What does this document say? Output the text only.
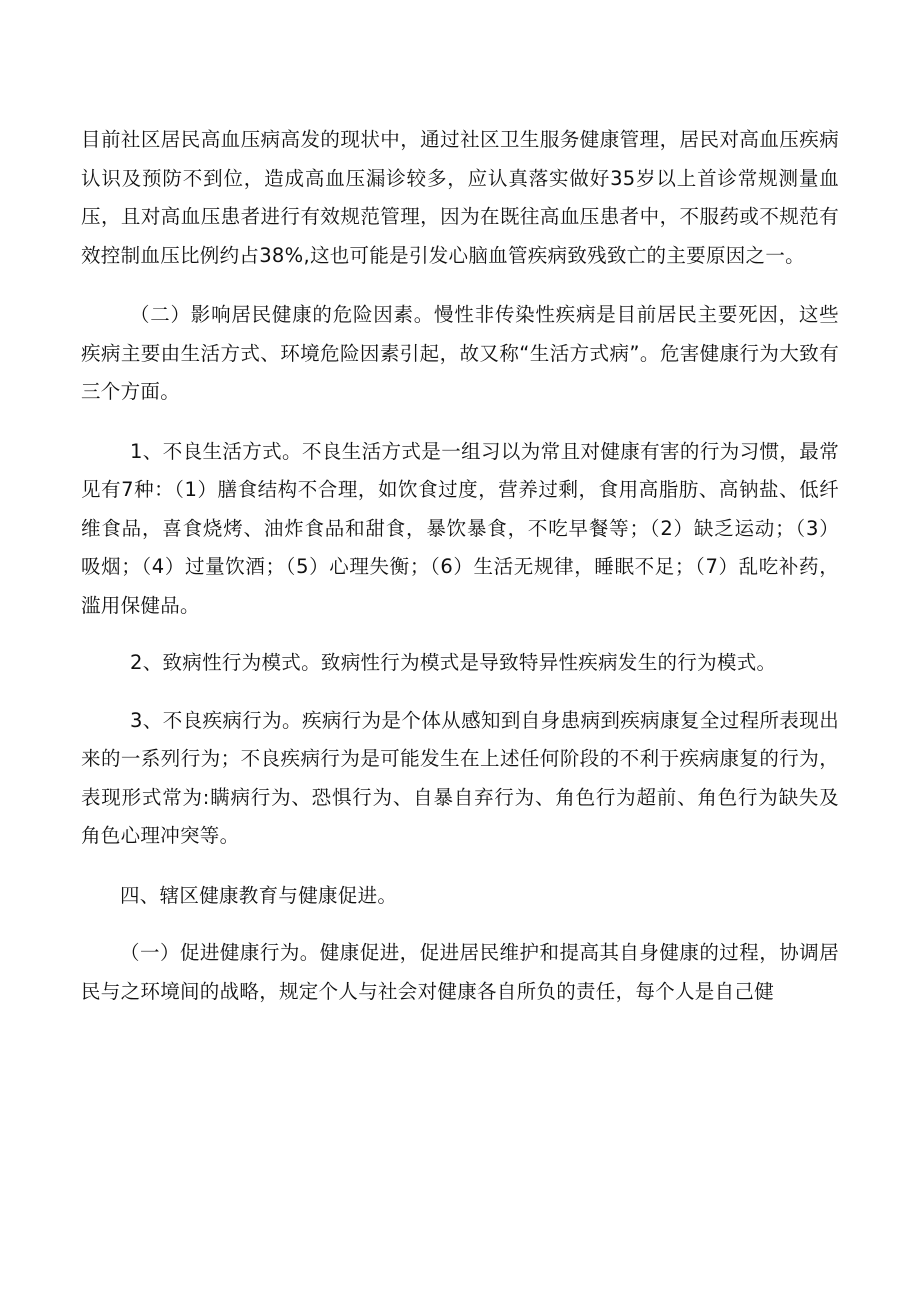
目前社区居民高血压病高发的现状中，通过社区卫生服务健康管理，居民对高血压疾病认识及预防不到位，造成高血压漏诊较多，应认真落实做好35岁以上首诊常规测量血压，且对高血压患者进行有效规范管理，因为在既往高血压患者中，不服药或不规范有效控制血压比例约占38%,这也可能是引发心脑血管疾病致残致亡的主要原因之一。

（二）影响居民健康的危险因素。慢性非传染性疾病是目前居民主要死因，这些疾病主要由生活方式、环境危险因素引起，故又称“生活方式病”。危害健康行为大致有三个方面。

1、不良生活方式。不良生活方式是一组习以为常且对健康有害的行为习惯，最常见有7种：（1）膳食结构不合理，如饮食过度，营养过剩，食用高脂肪、高钠盐、低纤维食品，喜食烧烤、油炸食品和甜食，暴饮暴食，不吃早餐等；（2）缺乏运动；（3）吸烟；（4）过量饮酒；（5）心理失衡；（6）生活无规律，睡眠不足；（7）乱吃补药，滥用保健品。

2、致病性行为模式。致病性行为模式是导致特异性疾病发生的行为模式。

3、不良疾病行为。疾病行为是个体从感知到自身患病到疾病康复全过程所表现出来的一系列行为；不良疾病行为是可能发生在上述任何阶段的不利于疾病康复的行为，表现形式常为:瞒病行为、恐惧行为、自暴自弃行为、角色行为超前、角色行为缺失及角色心理冲突等。

四、辖区健康教育与健康促进。

（一）促进健康行为。健康促进，促进居民维护和提高其自身健康的过程，协调居民与之环境间的战略，规定个人与社会对健康各自所负的责任，每个人是自己健
